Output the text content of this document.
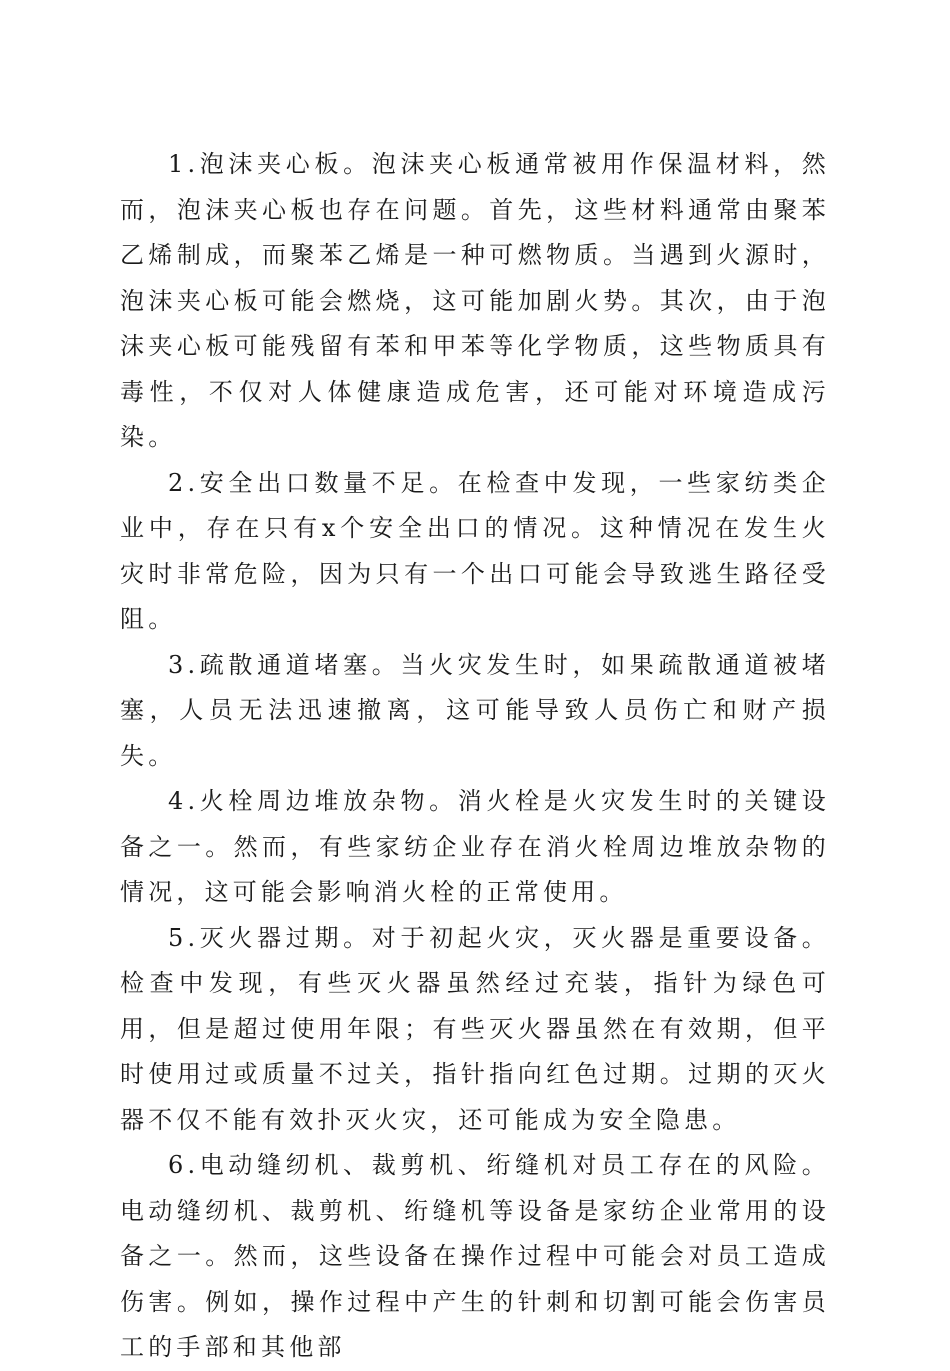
1.泡沫夹心板。泡沫夹心板通常被用作保温材料，然而，泡沫夹心板也存在问题。首先，这些材料通常由聚苯乙烯制成，而聚苯乙烯是一种可燃物质。当遇到火源时，泡沫夹心板可能会燃烧，这可能加剧火势。其次，由于泡沫夹心板可能残留有苯和甲苯等化学物质，这些物质具有毒性，不仅对人体健康造成危害，还可能对环境造成污染。

2.安全出口数量不足。在检查中发现，一些家纺类企业中，存在只有x个安全出口的情况。这种情况在发生火灾时非常危险，因为只有一个出口可能会导致逃生路径受阻。

3.疏散通道堵塞。当火灾发生时，如果疏散通道被堵塞，人员无法迅速撤离，这可能导致人员伤亡和财产损失。

4.火栓周边堆放杂物。消火栓是火灾发生时的关键设备之一。然而，有些家纺企业存在消火栓周边堆放杂物的情况，这可能会影响消火栓的正常使用。

5.灭火器过期。对于初起火灾，灭火器是重要设备。检查中发现，有些灭火器虽然经过充装，指针为绿色可用，但是超过使用年限；有些灭火器虽然在有效期，但平时使用过或质量不过关，指针指向红色过期。过期的灭火器不仅不能有效扑灭火灾，还可能成为安全隐患。

6.电动缝纫机、裁剪机、绗缝机对员工存在的风险。电动缝纫机、裁剪机、绗缝机等设备是家纺企业常用的设备之一。然而，这些设备在操作过程中可能会对员工造成伤害。例如，操作过程中产生的针刺和切割可能会伤害员工的手部和其他部
